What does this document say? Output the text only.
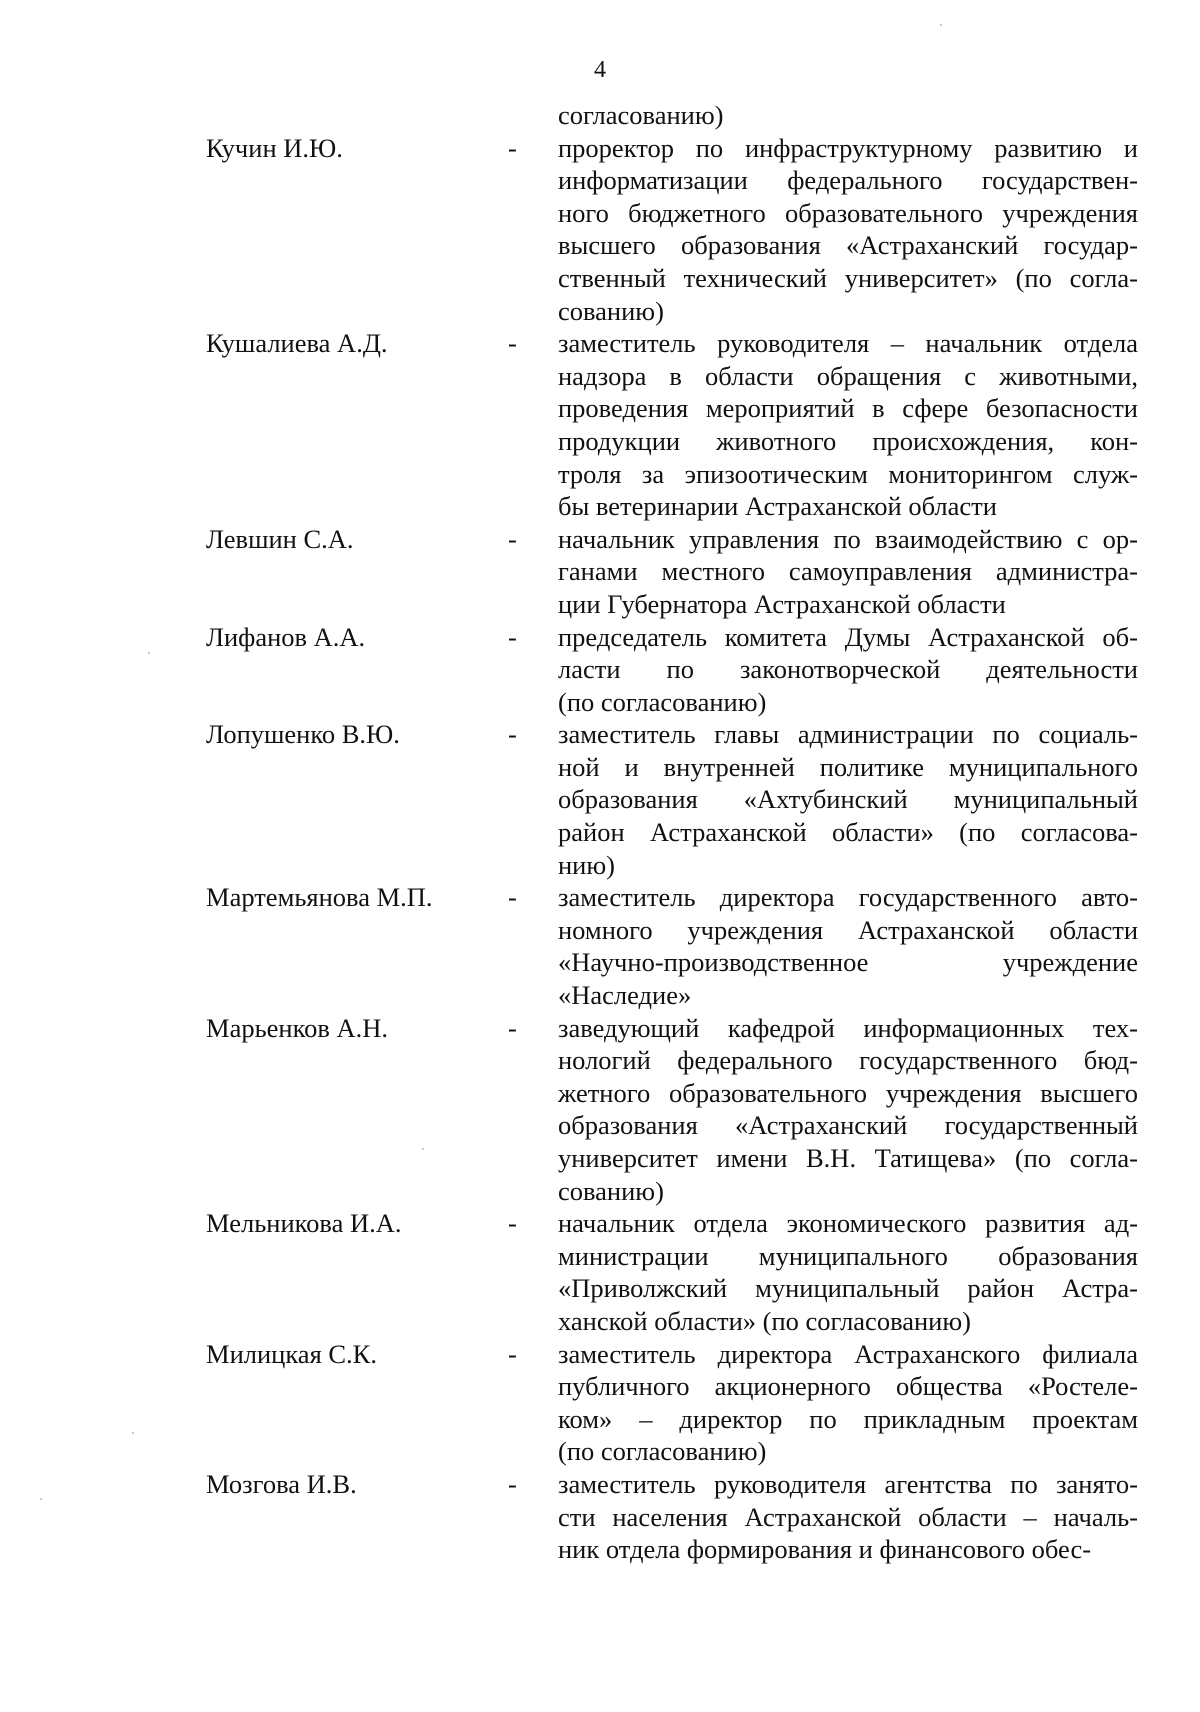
4
согласованию)
Кучин И.Ю.	-	проректор по инфраструктурному развитию и
информатизации федерального государствен-
ного бюджетного образовательного учреждения
высшего образования «Астраханский государ-
ственный технический университет» (по согла-
сованию)
Кушалиева А.Д.	-	заместитель руководителя – начальник отдела
надзора в области обращения с животными,
проведения мероприятий в сфере безопасности
продукции животного происхождения, кон-
троля за эпизоотическим мониторингом служ-
бы ветеринарии Астраханской области
Левшин С.А.	-	начальник управления по взаимодействию с ор-
ганами местного самоуправления администра-
ции Губернатора Астраханской области
Лифанов А.А.	-	председатель комитета Думы Астраханской об-
ласти по законотворческой деятельности
(по согласованию)
Лопушенко В.Ю.	-	заместитель главы администрации по социаль-
ной и внутренней политике муниципального
образования «Ахтубинский муниципальный
район Астраханской области» (по согласова-
нию)
Мартемьянова М.П.	-	заместитель директора государственного авто-
номного учреждения Астраханской области
«Научно-производственное учреждение
«Наследие»
Марьенков А.Н.	-	заведующий кафедрой информационных тех-
нологий федерального государственного бюд-
жетного образовательного учреждения высшего
образования «Астраханский государственный
университет имени В.Н. Татищева» (по согла-
сованию)
Мельникова И.А.	-	начальник отдела экономического развития ад-
министрации муниципального образования
«Приволжский муниципальный район Астра-
ханской области» (по согласованию)
Милицкая С.К.	-	заместитель директора Астраханского филиала
публичного акционерного общества «Ростеле-
ком» – директор по прикладным проектам
(по согласованию)
Мозгова И.В.	-	заместитель руководителя агентства по занято-
сти населения Астраханской области – началь-
ник отдела формирования и финансового обес-
